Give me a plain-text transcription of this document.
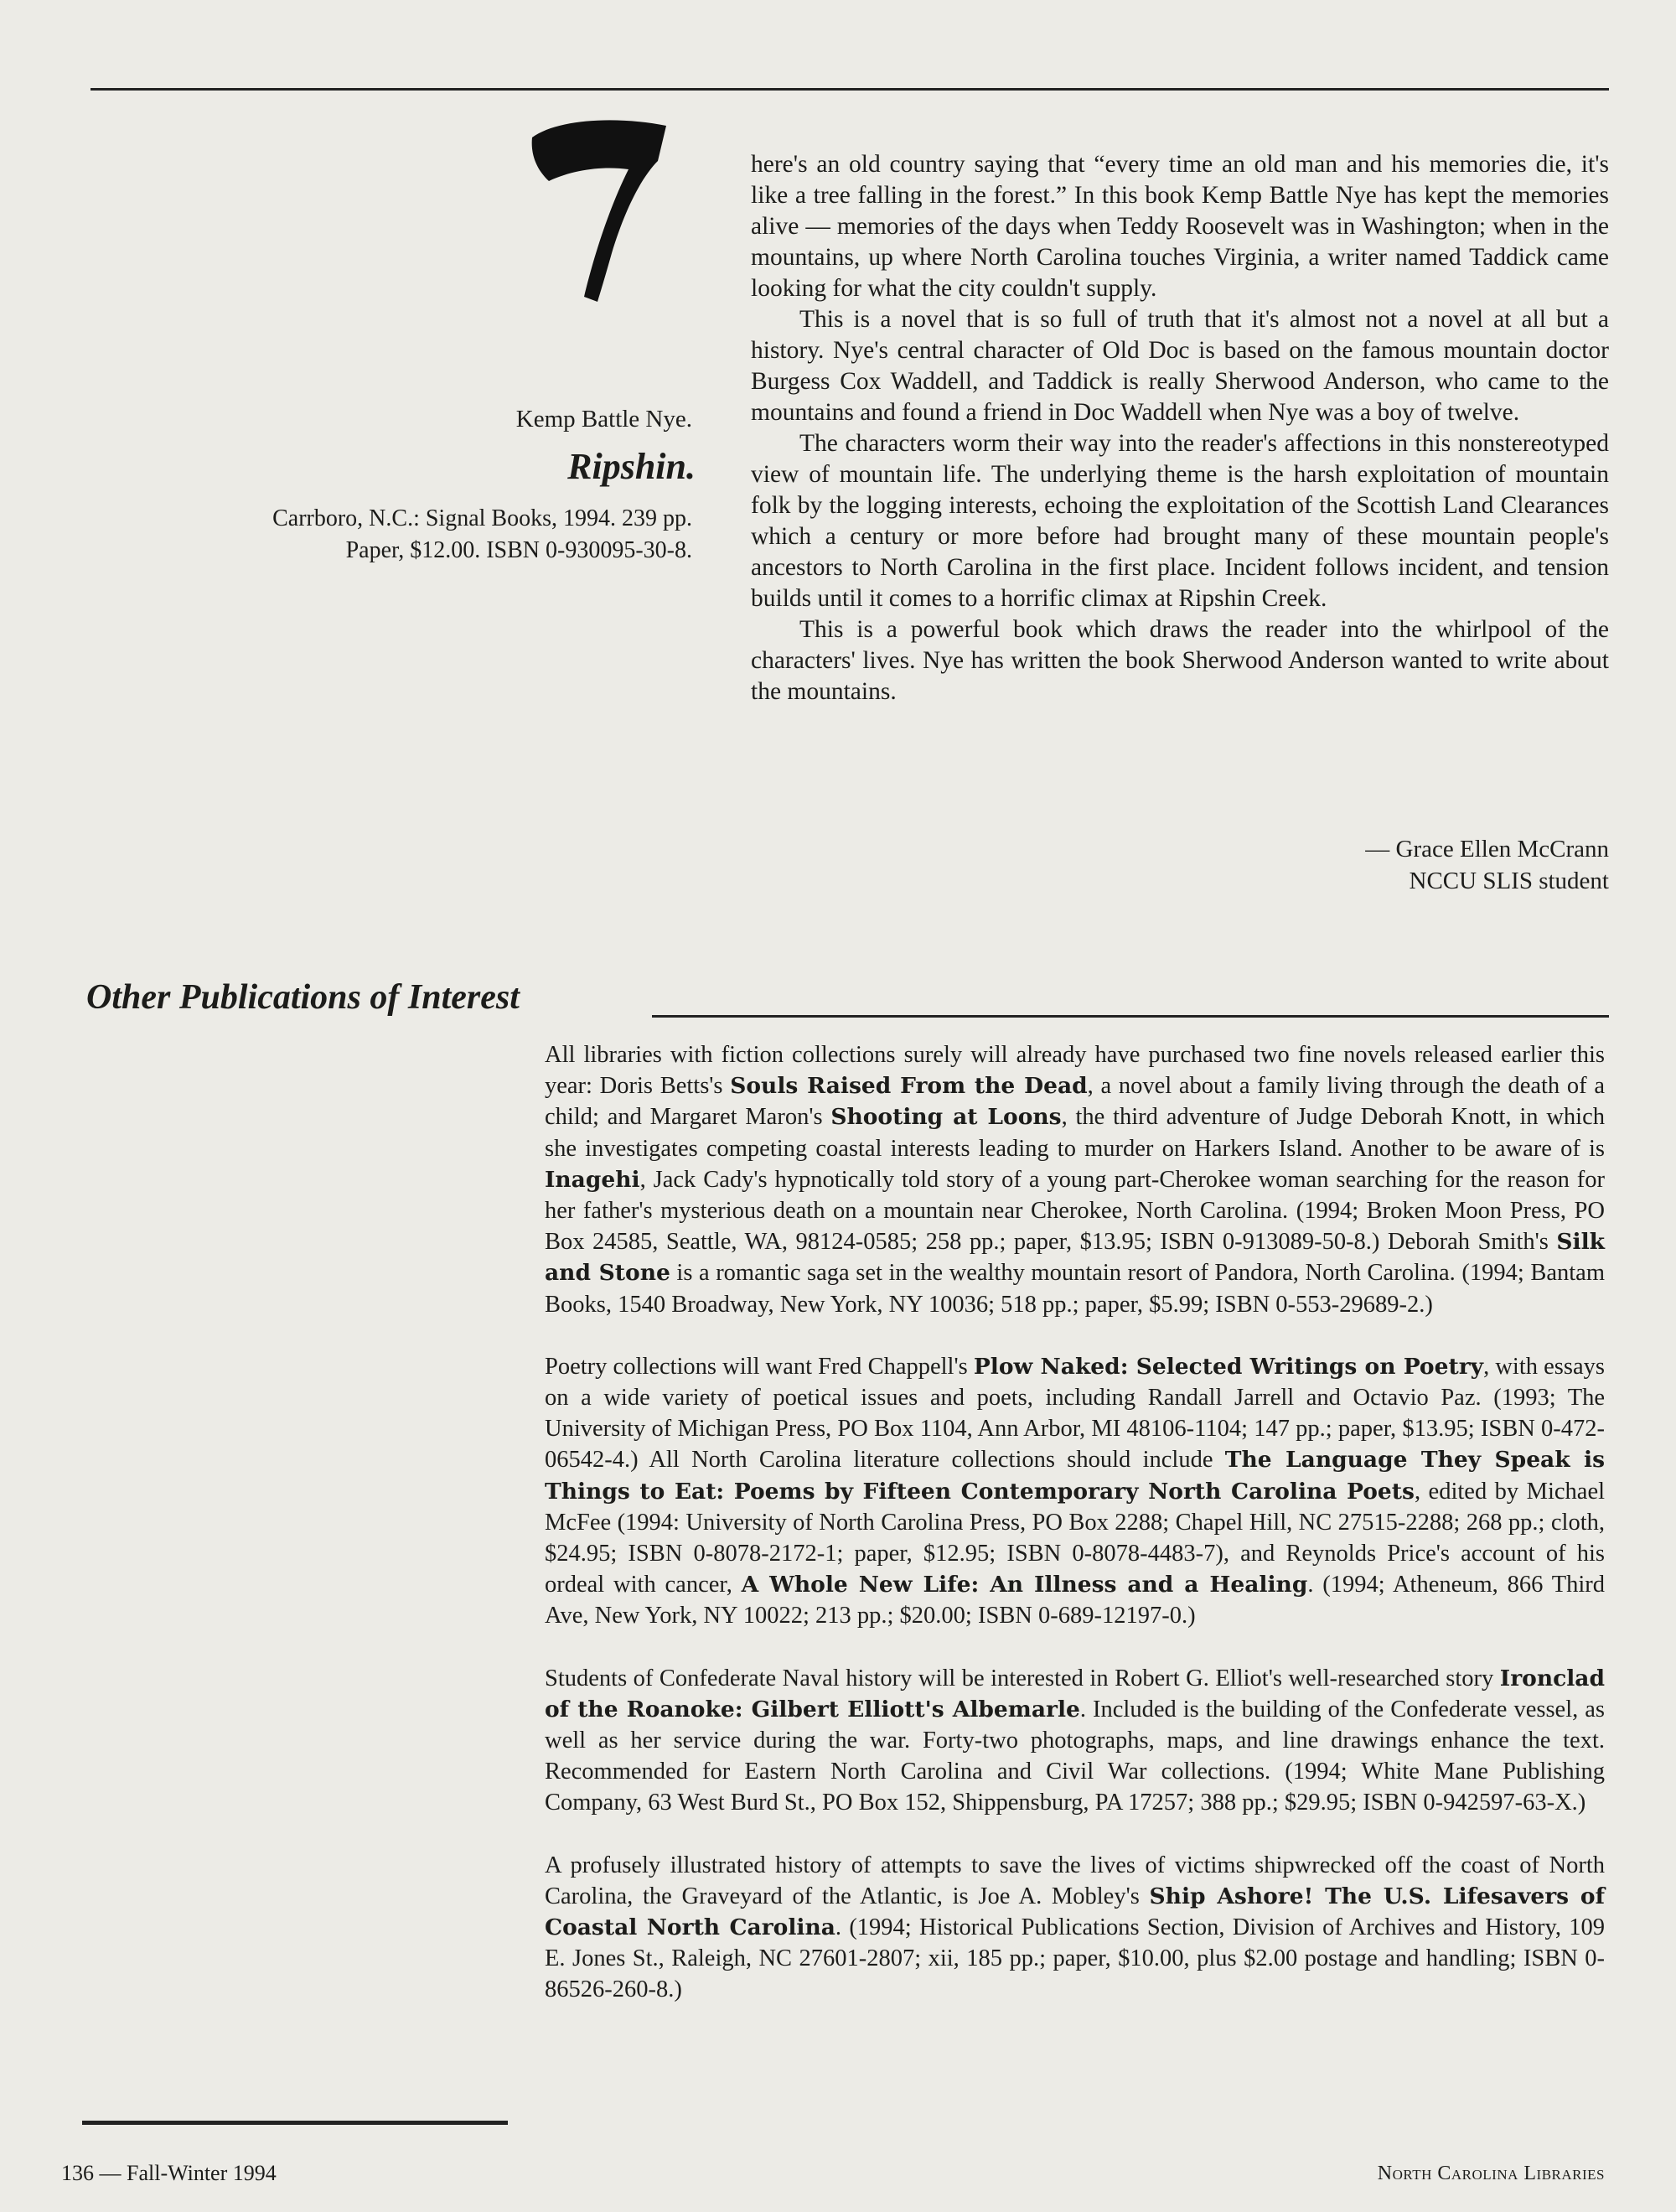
here's an old country saying that “every time an old man and his memories die, it's like a tree falling in the forest.” In this book Kemp Battle Nye has kept the memories alive — memories of the days when Teddy Roosevelt was in Washington; when in the mountains, up where North Carolina touches Virginia, a writer named Taddick came looking for what the city couldn't supply.

This is a novel that is so full of truth that it's almost not a novel at all but a history. Nye's central character of Old Doc is based on the famous mountain doctor Burgess Cox Waddell, and Taddick is really Sherwood Anderson, who came to the mountains and found a friend in Doc Waddell when Nye was a boy of twelve.

The characters worm their way into the reader's affections in this nonstereotyped view of mountain life. The underlying theme is the harsh exploitation of mountain folk by the logging interests, echoing the exploitation of the Scottish Land Clearances which a century or more before had brought many of these mountain people's ancestors to North Carolina in the first place. Incident follows incident, and tension builds until it comes to a horrific climax at Ripshin Creek.

This is a powerful book which draws the reader into the whirlpool of the characters' lives. Nye has written the book Sherwood Anderson wanted to write about the mountains.

Kemp Battle Nye.
Ripshin.
Carrboro, N.C.: Signal Books, 1994. 239 pp.
Paper, $12.00. ISBN 0-930095-30-8.
— Grace Ellen McCrann
NCCU SLIS student
Other Publications of Interest

All libraries with fiction collections surely will already have purchased two fine novels released earlier this year: Doris Betts's Souls Raised From the Dead, a novel about a family living through the death of a child; and Margaret Maron's Shooting at Loons, the third adventure of Judge Deborah Knott, in which she investigates competing coastal interests leading to murder on Harkers Island. Another to be aware of is Inagehi, Jack Cady's hypnotically told story of a young part-Cherokee woman searching for the reason for her father's mysterious death on a mountain near Cherokee, North Carolina. (1994; Broken Moon Press, PO Box 24585, Seattle, WA, 98124-0585; 258 pp.; paper, $13.95; ISBN 0-913089-50-8.) Deborah Smith's Silk and Stone is a romantic saga set in the wealthy mountain resort of Pandora, North Carolina. (1994; Bantam Books, 1540 Broadway, New York, NY 10036; 518 pp.; paper, $5.99; ISBN 0-553-29689-2.)

Poetry collections will want Fred Chappell's Plow Naked: Selected Writings on Poetry, with essays on a wide variety of poetical issues and poets, including Randall Jarrell and Octavio Paz. (1993; The University of Michigan Press, PO Box 1104, Ann Arbor, MI 48106-1104; 147 pp.; paper, $13.95; ISBN 0-472-06542-4.) All North Carolina literature collections should include The Language They Speak is Things to Eat: Poems by Fifteen Contemporary North Carolina Poets, edited by Michael McFee (1994: University of North Carolina Press, PO Box 2288; Chapel Hill, NC 27515-2288; 268 pp.; cloth, $24.95; ISBN 0-8078-2172-1; paper, $12.95; ISBN 0-8078-4483-7), and Reynolds Price's account of his ordeal with cancer, A Whole New Life: An Illness and a Healing. (1994; Atheneum, 866 Third Ave, New York, NY 10022; 213 pp.; $20.00; ISBN 0-689-12197-0.)

Students of Confederate Naval history will be interested in Robert G. Elliot's well-researched story Ironclad of the Roanoke: Gilbert Elliott's Albemarle. Included is the building of the Confederate vessel, as well as her service during the war. Forty-two photographs, maps, and line drawings enhance the text. Recommended for Eastern North Carolina and Civil War collections. (1994; White Mane Publishing Company, 63 West Burd St., PO Box 152, Shippensburg, PA 17257; 388 pp.; $29.95; ISBN 0-942597-63-X.)

A profusely illustrated history of attempts to save the lives of victims shipwrecked off the coast of North Carolina, the Graveyard of the Atlantic, is Joe A. Mobley's Ship Ashore! The U.S. Lifesavers of Coastal North Carolina. (1994; Historical Publications Section, Division of Archives and History, 109 E. Jones St., Raleigh, NC 27601-2807; xii, 185 pp.; paper, $10.00, plus $2.00 postage and handling; ISBN 0-86526-260-8.)

136 — Fall-Winter 1994	North Carolina Libraries
